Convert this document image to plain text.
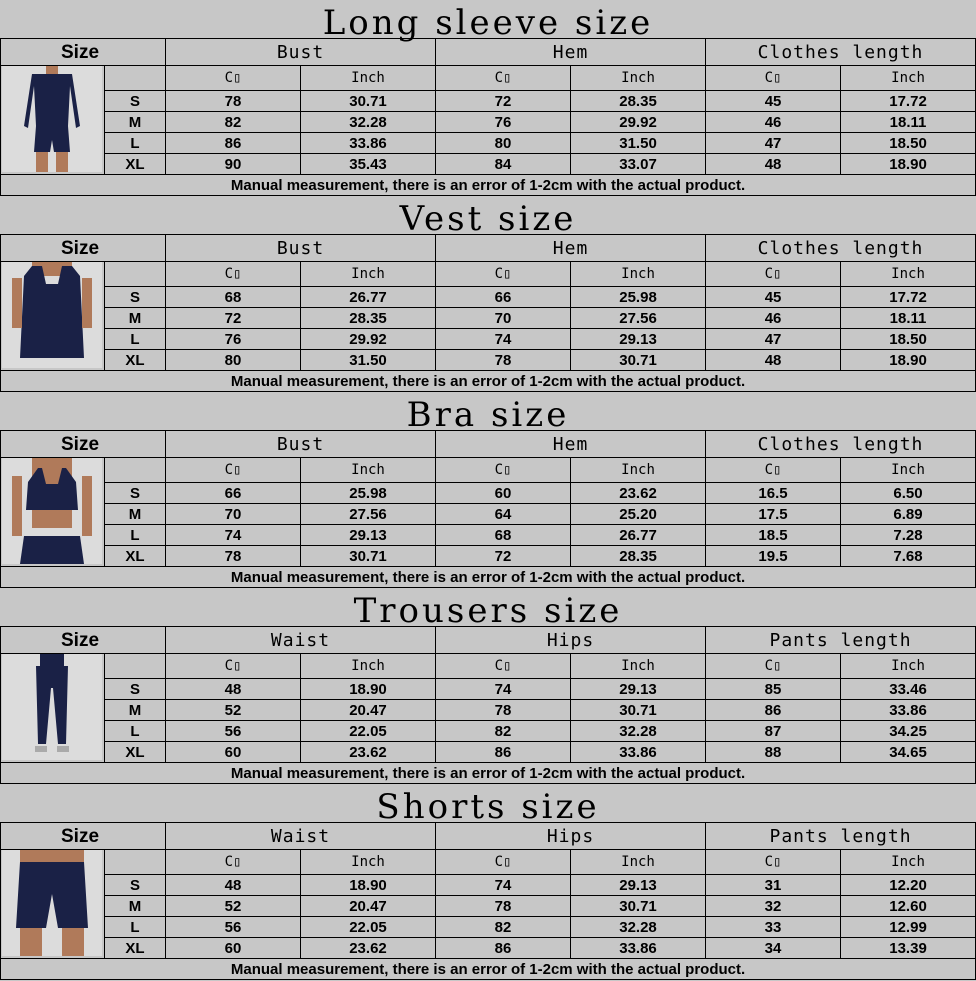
Long sleeve size
Size		Bust		Hem		Clothes length	
		C▯	Inch	C▯	Inch	C▯	Inch
	S	78	30.71	72	28.35	45	17.72
	M	82	32.28	76	29.92	46	18.11
	L	86	33.86	80	31.50	47	18.50
	XL	90	35.43	84	33.07	48	18.90
Manual measurement, there is an error of 1-2cm with the actual product.							
Vest size
Size		Bust		Hem		Clothes length	
		C▯	Inch	C▯	Inch	C▯	Inch
	S	68	26.77	66	25.98	45	17.72
	M	72	28.35	70	27.56	46	18.11
	L	76	29.92	74	29.13	47	18.50
	XL	80	31.50	78	30.71	48	18.90
Manual measurement, there is an error of 1-2cm with the actual product.							
Bra size
Size		Bust		Hem		Clothes length	
		C▯	Inch	C▯	Inch	C▯	Inch
	S	66	25.98	60	23.62	16.5	6.50
	M	70	27.56	64	25.20	17.5	6.89
	L	74	29.13	68	26.77	18.5	7.28
	XL	78	30.71	72	28.35	19.5	7.68
Manual measurement, there is an error of 1-2cm with the actual product.							
Trousers size
Size		Waist		Hips		Pants length	
		C▯	Inch	C▯	Inch	C▯	Inch
	S	48	18.90	74	29.13	85	33.46
	M	52	20.47	78	30.71	86	33.86
	L	56	22.05	82	32.28	87	34.25
	XL	60	23.62	86	33.86	88	34.65
Manual measurement, there is an error of 1-2cm with the actual product.							
Shorts size
Size		Waist		Hips		Pants length	
		C▯	Inch	C▯	Inch	C▯	Inch
	S	48	18.90	74	29.13	31	12.20
	M	52	20.47	78	30.71	32	12.60
	L	56	22.05	82	32.28	33	12.99
	XL	60	23.62	86	33.86	34	13.39
Manual measurement, there is an error of 1-2cm with the actual product.							
